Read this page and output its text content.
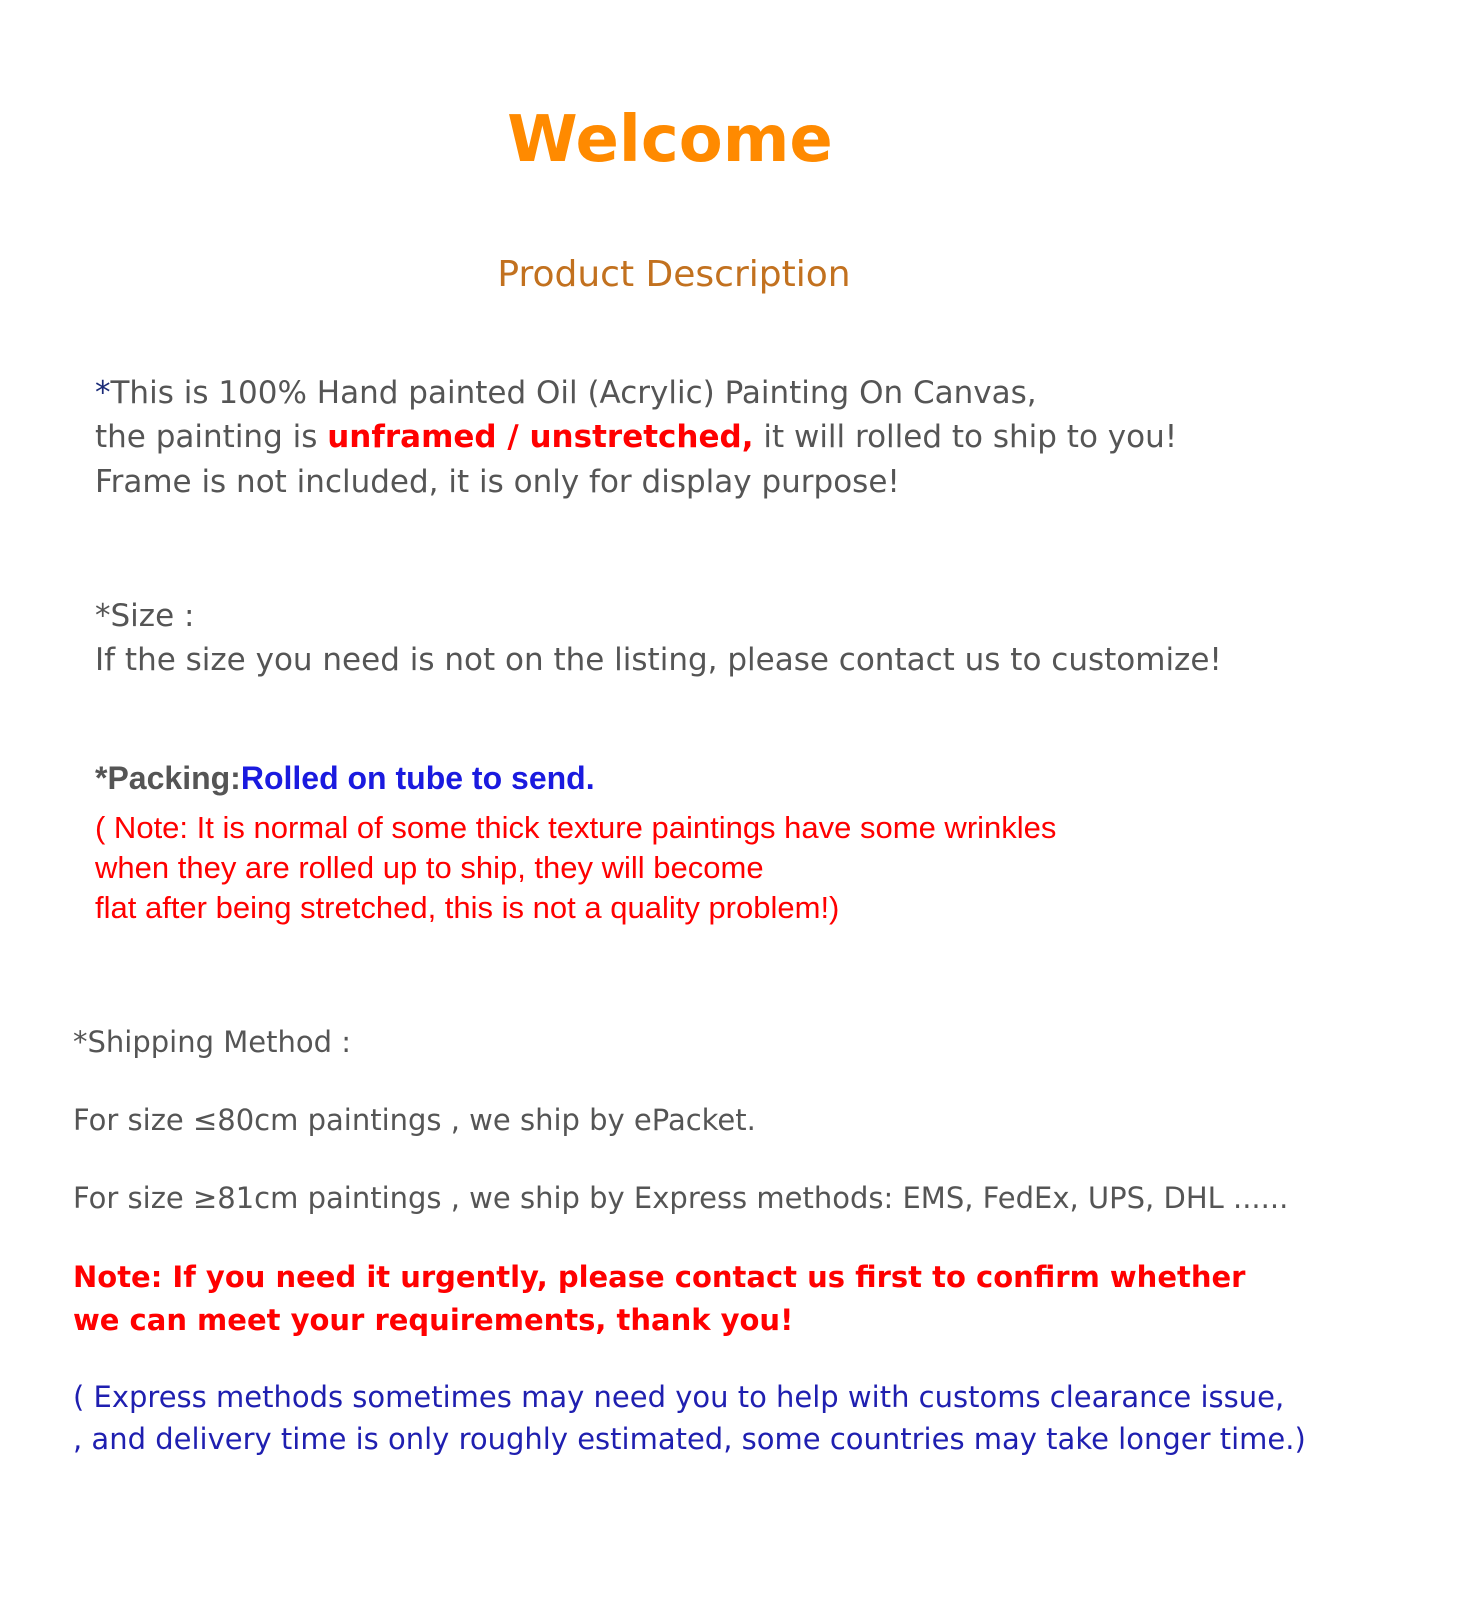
Welcome
Product Description
*This is 100% Hand painted Oil (Acrylic) Painting On Canvas,
the painting is unframed / unstretched, it will rolled to ship to you!
Frame is not included, it is only for display purpose!
*Size :
If the size you need is not on the listing, please contact us to customize!
*Packing:Rolled on tube to send.
( Note: It is normal of some thick texture paintings have some wrinkles
when they are rolled up to ship, they will become
flat after being stretched, this is not a quality problem!)
*Shipping Method :
For size ≤80cm paintings , we ship by ePacket.
For size ≥81cm paintings , we ship by Express methods: EMS, FedEx, UPS, DHL ......
Note: If you need it urgently, please contact us first to confirm whether
we can meet your requirements, thank you!
( Express methods sometimes may need you to help with customs clearance issue,
, and delivery time is only roughly estimated, some countries may take longer time.)
